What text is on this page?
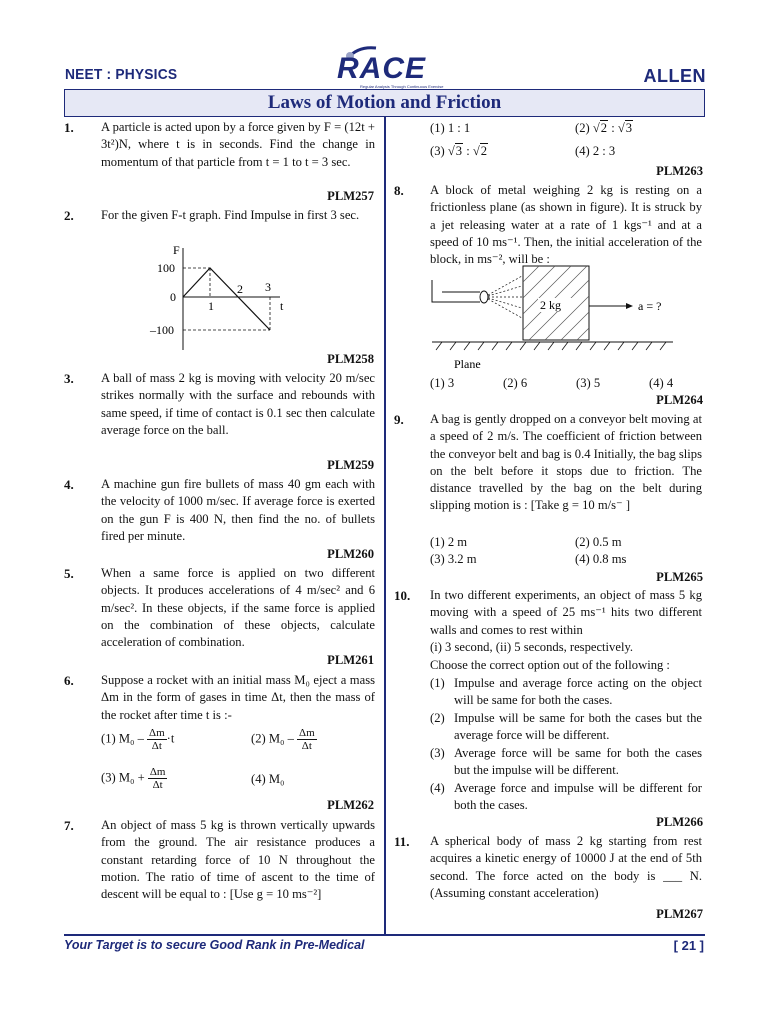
NEET : PHYSICS	RACE
Regular Analysis Through Continuous Exercise
ALLEN
Laws of Motion and Friction
1. A particle is acted upon by a force given by F = (12t + 3t²)N, where t is in seconds. Find the change in momentum of that particle from t = 1 to t = 3 sec.
PLM257
2. For the given F-t graph. Find Impulse in first 3 sec.
F
100
0
–100
1
2 3
t
PLM258
3. A ball of mass 2 kg is moving with velocity 20 m/sec strikes normally with the surface and rebounds with same speed, if time of contact is 0.1 sec then calculate average force on the ball.
PLM259
4. A machine gun fire bullets of mass 40 gm each with the velocity of 1000 m/sec. If average force is exerted on the gun F is 400 N, then find the no. of bullets fired per minute.
PLM260
5. When a same force is applied on two different objects. It produces accelerations of 4 m/sec² and 6 m/sec². In these objects, if the same force is applied on the combination of these objects, calculate acceleration of combination.
PLM261
6. Suppose a rocket with an initial mass M₀ eject a mass Δm in the form of gases in time Δt, then the mass of the rocket after time t is :-
(1) $M_0 - \frac{\Delta m}{\Delta t} \cdot t$	(2) $M_0 - \frac{\Delta m}{\Delta t}$
(3) $M_0 + \frac{\Delta m}{\Delta t}$	(4) M₀
PLM262
7. An object of mass 5 kg is thrown vertically upwards from the ground. The air resistance produces a constant retarding force of 10 N throughout the motion. The ratio of time of ascent to the time of descent will be equal to : [Use g = 10 ms⁻²]
(1) 1 : 1	(2) √2 : √3
(3) √3 : √2	(4) 2 : 3
PLM263
8. A block of metal weighing 2 kg is resting on a frictionless plane (as shown in figure). It is struck by a jet releasing water at a rate of 1 kgs⁻¹ and at a speed of 10 ms⁻¹. Then, the initial acceleration of the block, in ms⁻², will be :
2 kg	a = ?
Plane
(1) 3	(2) 6	(3) 5	(4) 4
PLM264
9. A bag is gently dropped on a conveyor belt moving at a speed of 2 m/s. The coefficient of friction between the conveyor belt and bag is 0.4 Initially, the bag slips on the belt before it stops due to friction. The distance travelled by the bag on the belt during slipping motion is : [Take g = 10 m/s⁻ ]
(1) 2 m	(2) 0.5 m
(3) 3.2 m	(4) 0.8 ms
PLM265
10. In two different experiments, an object of mass 5 kg moving with a speed of 25 ms⁻¹ hits two different walls and comes to rest within
(i) 3 second, (ii) 5 seconds, respectively.
Choose the correct option out of the following :
(1) Impulse and average force acting on the object will be same for both the cases.
(2) Impulse will be same for both the cases but the average force will be different.
(3) Average force will be same for both the cases but the impulse will be different.
(4) Average force and impulse will be different for both the cases.
PLM266
11. A spherical body of mass 2 kg starting from rest acquires a kinetic energy of 10000 J at the end of 5th second. The force acted on the body is ___ N. (Assuming constant acceleration)
PLM267
Your Target is to secure Good Rank in Pre-Medical	[ 21 ]
